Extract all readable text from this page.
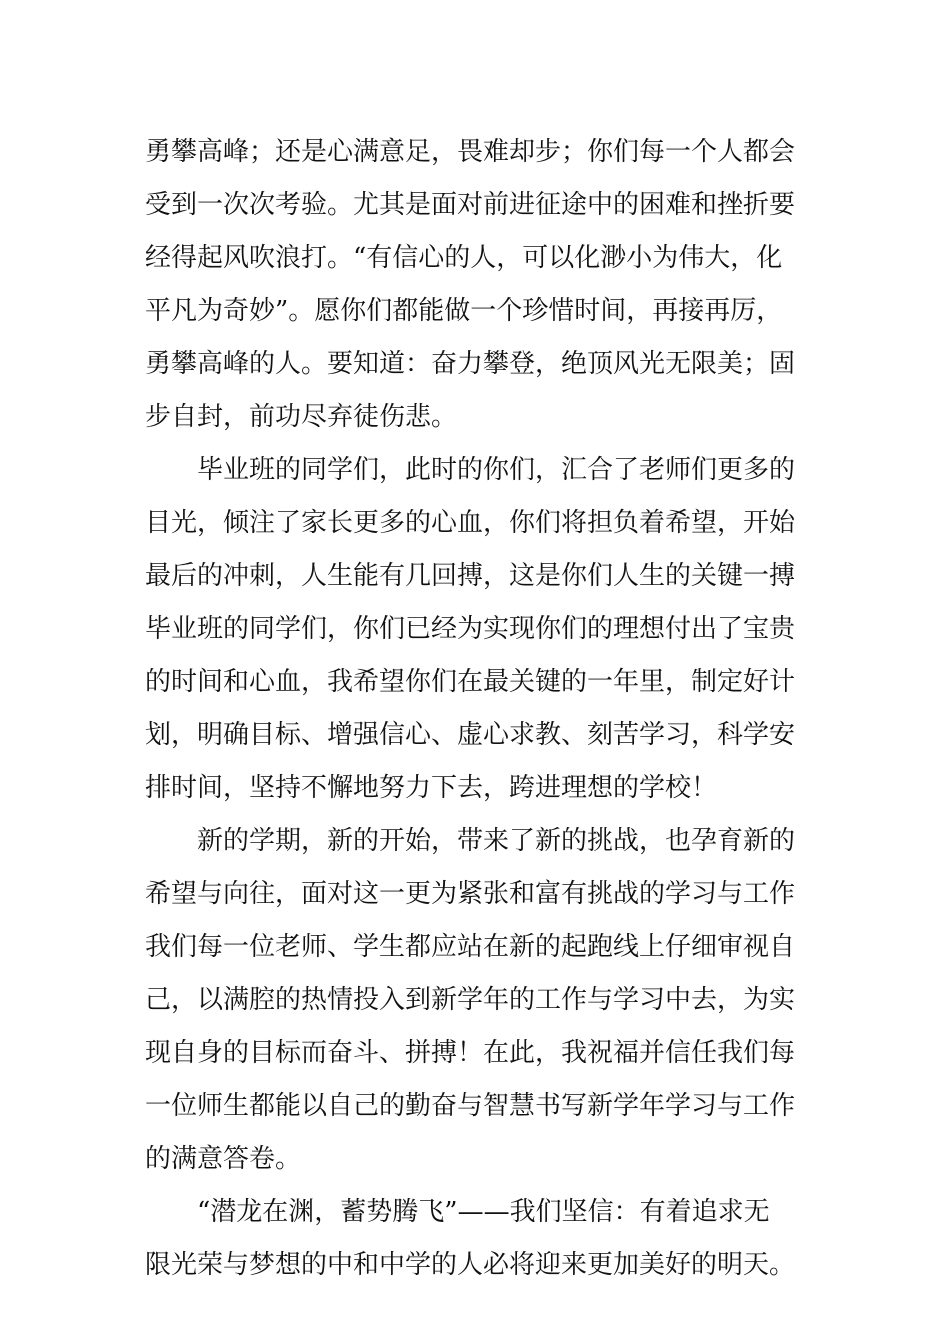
勇攀高峰；还是心满意足，畏难却步；你们每一个人都会
受到一次次考验。尤其是面对前进征途中的困难和挫折要
经得起风吹浪打。“有信心的人，可以化渺小为伟大，化
平凡为奇妙”。愿你们都能做一个珍惜时间，再接再厉，
勇攀高峰的人。要知道：奋力攀登，绝顶风光无限美；固
步自封，前功尽弃徒伤悲。
毕业班的同学们，此时的你们，汇合了老师们更多的
目光，倾注了家长更多的心血，你们将担负着希望，开始
最后的冲刺，人生能有几回搏，这是你们人生的关键一搏
毕业班的同学们，你们已经为实现你们的理想付出了宝贵
的时间和心血，我希望你们在最关键的一年里，制定好计
划，明确目标、增强信心、虚心求教、刻苦学习，科学安
排时间，坚持不懈地努力下去，跨进理想的学校！
新的学期，新的开始，带来了新的挑战，也孕育新的
希望与向往，面对这一更为紧张和富有挑战的学习与工作
我们每一位老师、学生都应站在新的起跑线上仔细审视自
己，以满腔的热情投入到新学年的工作与学习中去，为实
现自身的目标而奋斗、拼搏！在此，我祝福并信任我们每
一位师生都能以自己的勤奋与智慧书写新学年学习与工作
的满意答卷。
“潜龙在渊，蓄势腾飞”——我们坚信：有着追求无
限光荣与梦想的中和中学的人必将迎来更加美好的明天。
